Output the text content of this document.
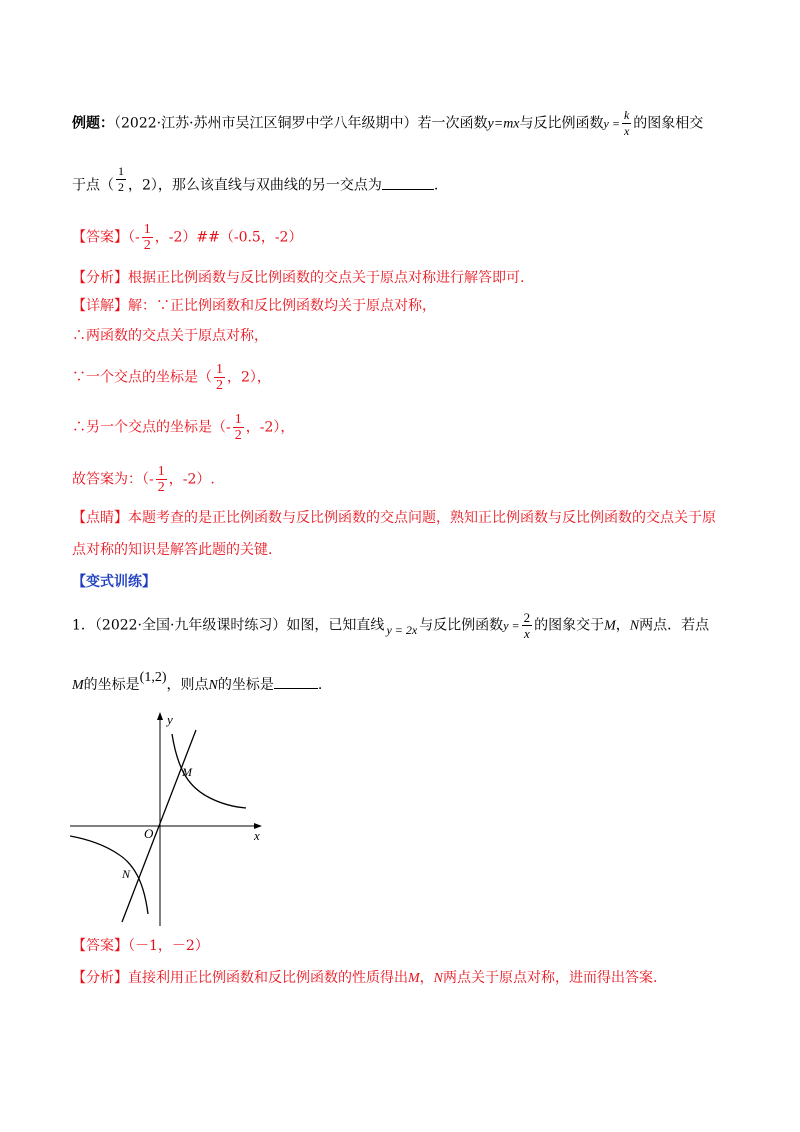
例题：（2022·江苏·苏州市吴江区铜罗中学八年级期中）若一次函数y=mx与反比例函数$y = \frac{k}{x}$ 的图象相交
于点（ $\frac{1}{2}$ ，2），那么该直线与双曲线的另一交点为	.
【答案】（- $\frac{1}{2}$ ，-2）##（-0.5，-2）
【分析】根据正比例函数与反比例函数的交点关于原点对称进行解答即可.
【详解】解：∵正比例函数和反比例函数均关于原点对称，
∴两函数的交点关于原点对称，
∵一个交点的坐标是（ $\frac{1}{2}$ ，2），
∴另一个交点的坐标是（- $\frac{1}{2}$ ，-2），
故答案为：（- $\frac{1}{2}$ ，-2）.
【点睛】本题考查的是正比例函数与反比例函数的交点问题，熟知正比例函数与反比例函数的交点关于原
点对称的知识是解答此题的关键.
【变式训练】
1．（2022·全国·九年级课时练习）如图，已知直线 y = 2x 与反比例函数$y = \frac{2}{x}$ 的图象交于M，N两点．若点
M的坐标是(1,2)，则点N的坐标是	.
y
x
O
M
N
【答案】（－1，－2）
【分析】直接利用正比例函数和反比例函数的性质得出M，N两点关于原点对称，进而得出答案.
